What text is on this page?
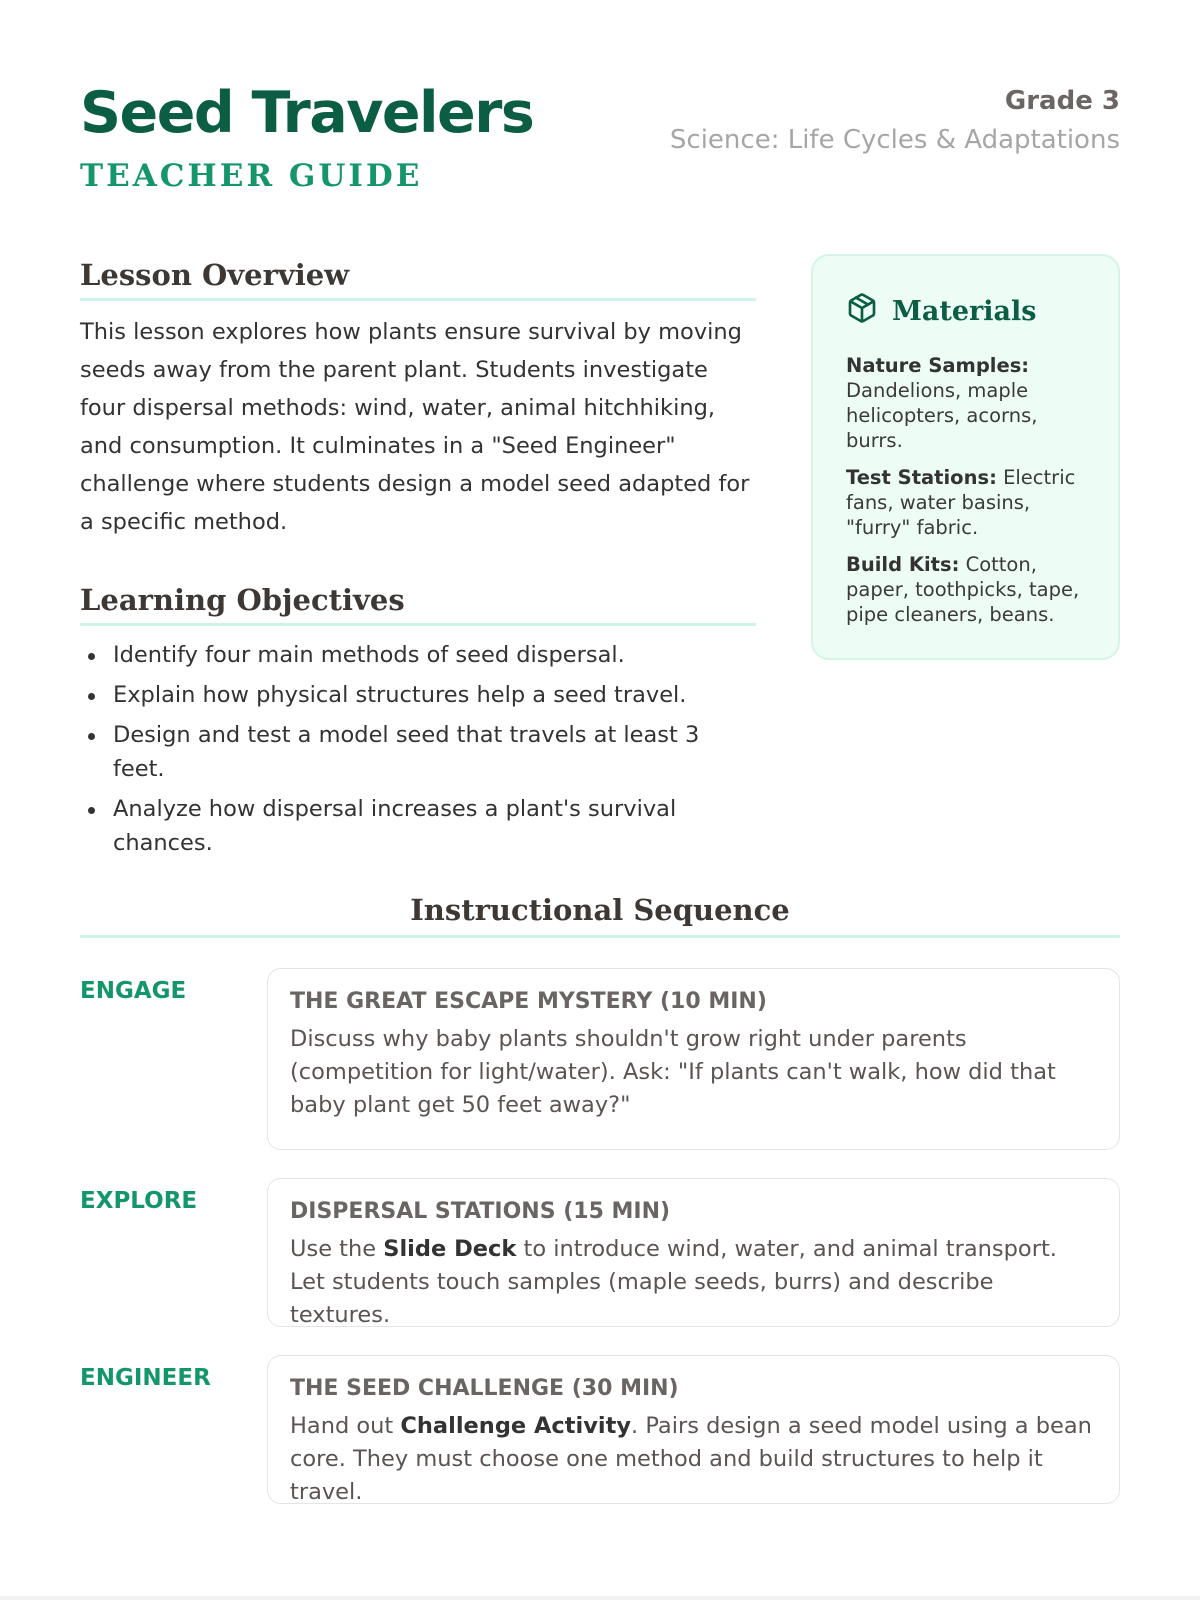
Seed Travelers
TEACHER GUIDE
Grade 3
Science: Life Cycles & Adaptations
Lesson Overview

This lesson explores how plants ensure survival by moving seeds away from the parent plant. Students investigate four dispersal methods: wind, water, animal hitchhiking, and consumption. It culminates in a "Seed Engineer" challenge where students design a model seed adapted for a specific method.

Learning Objectives
Identify four main methods of seed dispersal.
Explain how physical structures help a seed travel.
Design and test a model seed that travels at least 3 feet.
Analyze how dispersal increases a plant's survival chances.
Materials
Nature Samples: Dandelions, maple helicopters, acorns, burrs.
Test Stations: Electric fans, water basins, "furry" fabric.
Build Kits: Cotton, paper, toothpicks, tape, pipe cleaners, beans.
Instructional Sequence
ENGAGE	THE GREAT ESCAPE MYSTERY (10 MIN)

Discuss why baby plants shouldn't grow right under parents (competition for light/water). Ask: "If plants can't walk, how did that baby plant get 50 feet away?"

EXPLORE	DISPERSAL STATIONS (15 MIN)

Use the Slide Deck to introduce wind, water, and animal transport. Let students touch samples (maple seeds, burrs) and describe textures.

ENGINEER	THE SEED CHALLENGE (30 MIN)

Hand out Challenge Activity. Pairs design a seed model using a bean core. They must choose one method and build structures to help it travel.
